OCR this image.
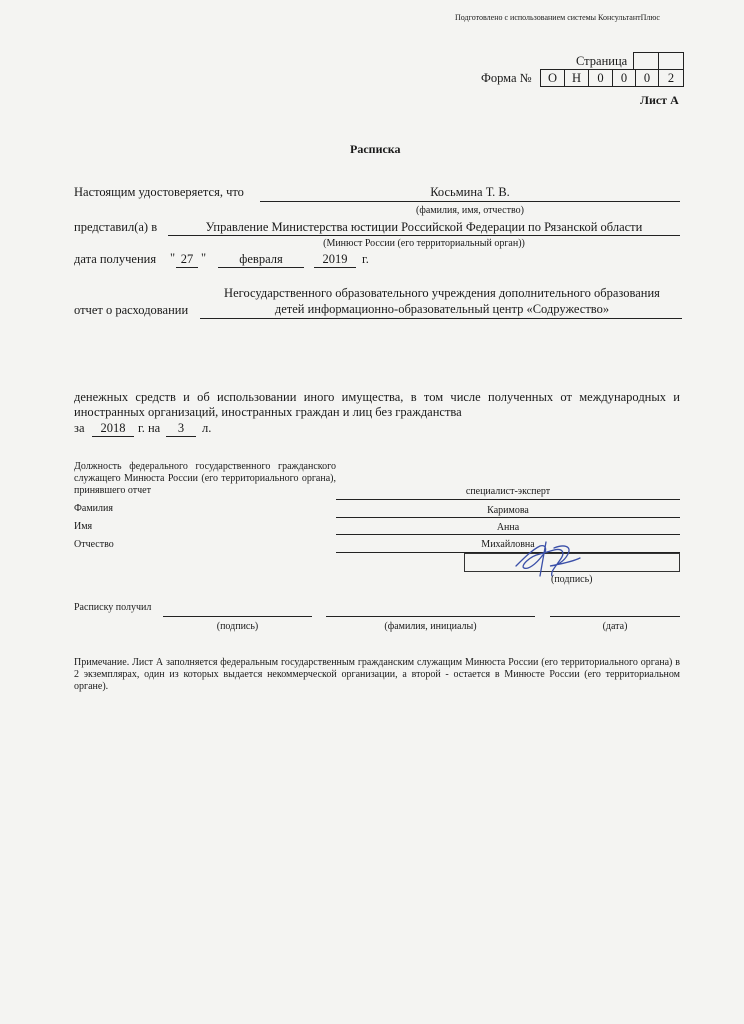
Подготовлено с использованием системы КонсультантПлюс
Страница
Форма №	О	Н	0	0	0	2
Лист А
Расписка
Настоящим удостоверяется, что	Косьмина Т. В.
(фамилия, имя, отчество)
представил(а) в	Управление Министерства юстиции Российской Федерации по Рязанской области
(Минюст России (его территориальный орган))
дата получения " 27 "	февраля	2019	г.
Негосударственного образовательного учреждения дополнительного образования
отчет о расходовании	детей информационно-образовательный центр «Содружество»
денежных средств и об использовании иного имущества, в том числе полученных от международных и иностранных организаций, иностранных граждан и лиц без гражданства
за	2018	г. на	3	л.
Должность федерального государственного гражданского служащего Минюста России (его территориального органа), принявшего отчет	специалист-эксперт
Фамилия	Каримова
Имя	Анна
Отчество	Михайловна
(подпись)
Расписку получил
(подпись)	(фамилия, инициалы)	(дата)
Примечание. Лист А заполняется федеральным государственным гражданским служащим Минюста России (его территориального органа) в 2 экземплярах, один из которых выдается некоммерческой организации, а второй - остается в Минюсте России (его территориальном органе).
